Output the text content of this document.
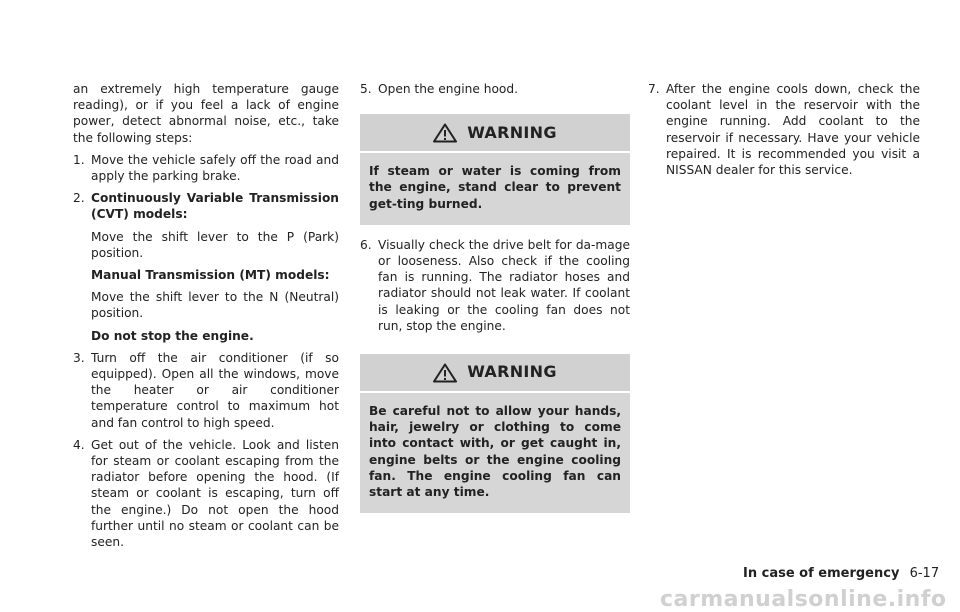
an extremely high temperature gauge reading), or if you feel a lack of engine power, detect abnormal noise, etc., take the following steps:

1. Move the vehicle safely off the road and apply the parking brake.
2. Continuously Variable Transmission (CVT) models:
Move the shift lever to the P (Park) position.
Manual Transmission (MT) models:
Move the shift lever to the N (Neutral) position.
Do not stop the engine.
3. Turn off the air conditioner (if so equipped). Open all the windows, move the heater or air conditioner temperature control to maximum hot and fan control to high speed.
4. Get out of the vehicle. Look and listen for steam or coolant escaping from the radiator before opening the hood. (If steam or coolant is escaping, turn off the engine.) Do not open the hood further until no steam or coolant can be seen.
5. Open the engine hood.
WARNING
If steam or water is coming from the engine, stand clear to prevent get-ting burned.
6. Visually check the drive belt for da-mage or looseness. Also check if the cooling fan is running. The radiator hoses and radiator should not leak water. If coolant is leaking or the cooling fan does not run, stop the engine.
WARNING
Be careful not to allow your hands, hair, jewelry or clothing to come into contact with, or get caught in, engine belts or the engine cooling fan. The engine cooling fan can start at any time.
7. After the engine cools down, check the coolant level in the reservoir with the engine running. Add coolant to the reservoir if necessary. Have your vehicle repaired. It is recommended you visit a NISSAN dealer for this service.
In case of emergency 6-17
carmanualsonline.info
